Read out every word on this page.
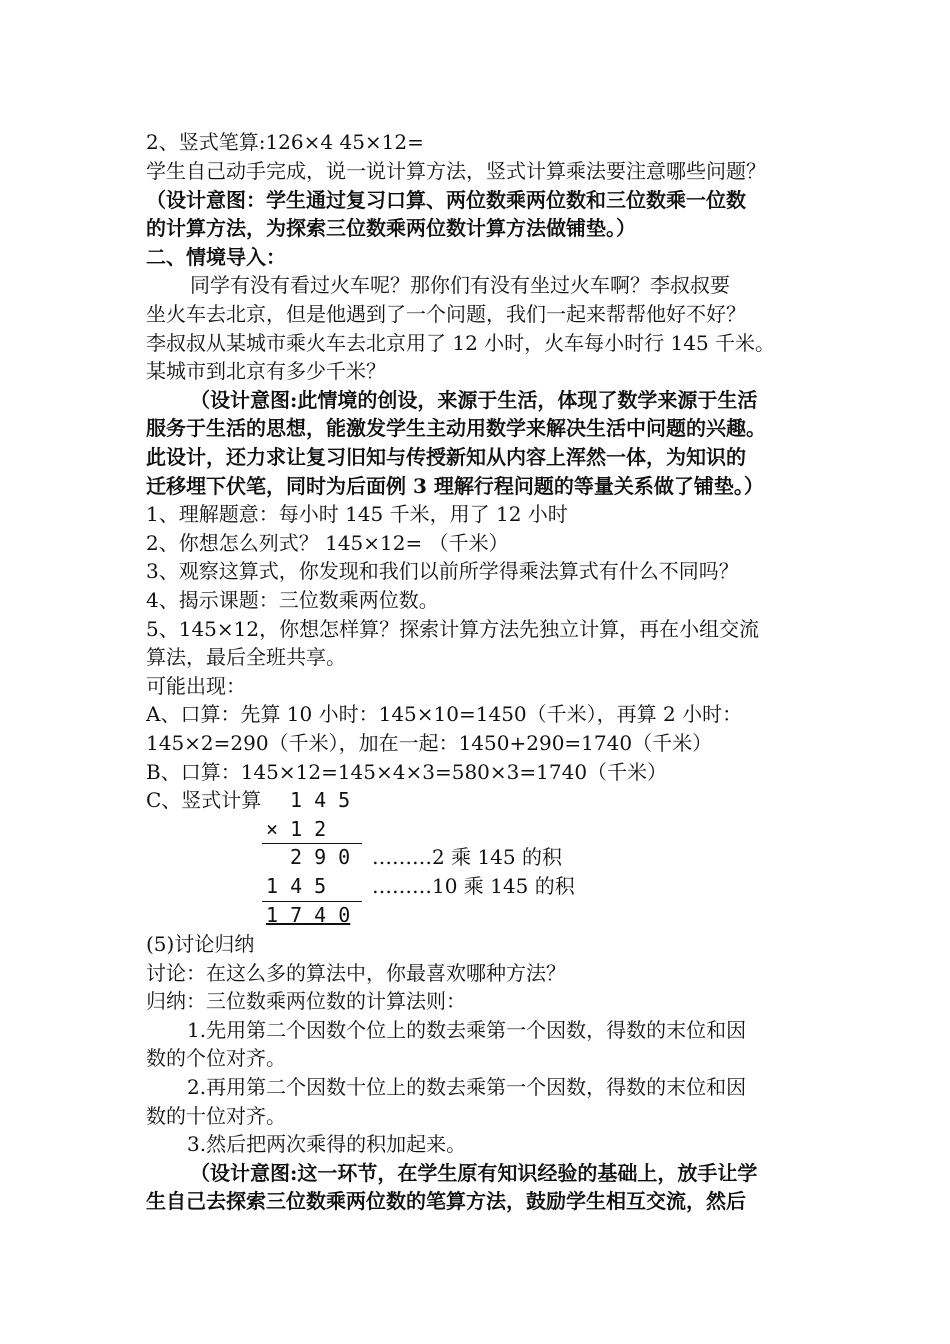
2、竖式笔算:126×4 45×12=
学生自己动手完成，说一说计算方法，竖式计算乘法要注意哪些问题？
（设计意图：学生通过复习口算、两位数乘两位数和三位数乘一位数
的计算方法，为探索三位数乘两位数计算方法做铺垫。）
二、情境导入：
同学有没有看过火车呢？那你们有没有坐过火车啊？李叔叔要
坐火车去北京，但是他遇到了一个问题，我们一起来帮帮他好不好？
李叔叔从某城市乘火车去北京用了 12 小时，火车每小时行 145 千米。
某城市到北京有多少千米？
（设计意图:此情境的创设，来源于生活，体现了数学来源于生活
服务于生活的思想，能激发学生主动用数学来解决生活中问题的兴趣。
此设计，还力求让复习旧知与传授新知从内容上浑然一体，为知识的
迁移埋下伏笔，同时为后面例 3 理解行程问题的等量关系做了铺垫。）
1、理解题意：每小时 145 千米，用了 12 小时
2、你想怎么列式？ 145×12= （千米）
3、观察这算式，你发现和我们以前所学得乘法算式有什么不同吗？
4、揭示课题：三位数乘两位数。
5、145×12，你想怎样算？探索计算方法先独立计算，再在小组交流
算法，最后全班共享。
可能出现：
A、口算：先算 10 小时：145×10=1450（千米），再算 2 小时：
145×2=290（千米），加在一起：1450+290=1740（千米）
B、口算：145×12=145×4×3=580×3=1740（千米）
C、竖式计算 1 4 5
× 1 2
2 9 0 ………2 乘 145 的积
1 4 5 ………10 乘 145 的积
1 7 4 0
(5)讨论归纳
讨论：在这么多的算法中，你最喜欢哪种方法？
归纳：三位数乘两位数的计算法则：
1.先用第二个因数个位上的数去乘第一个因数，得数的末位和因
数的个位对齐。
2.再用第二个因数十位上的数去乘第一个因数，得数的末位和因
数的十位对齐。
3.然后把两次乘得的积加起来。
（设计意图:这一环节，在学生原有知识经验的基础上，放手让学
生自己去探索三位数乘两位数的笔算方法，鼓励学生相互交流，然后
